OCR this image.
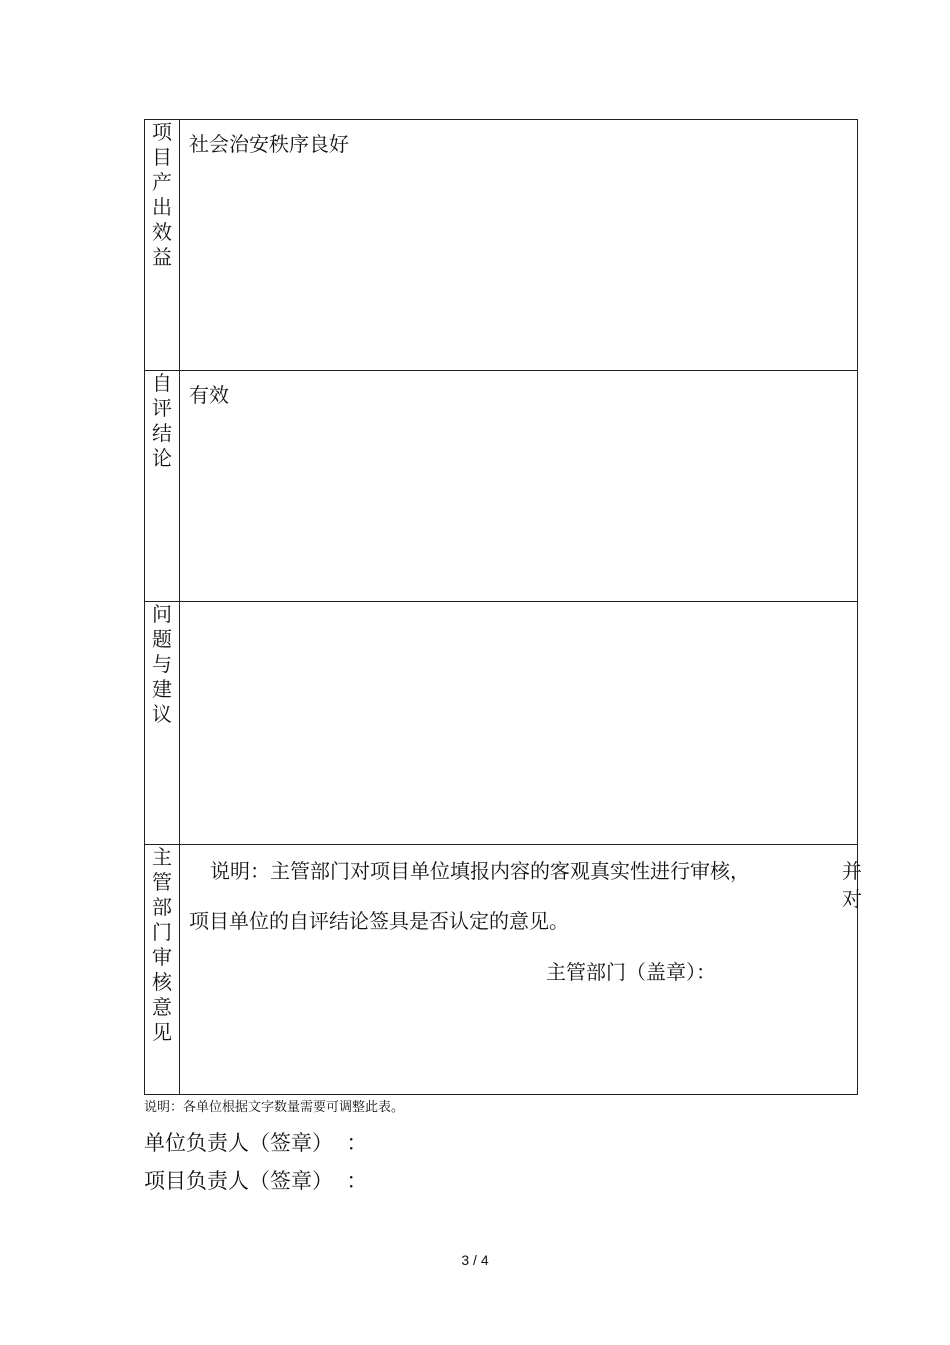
项目产出效益	社会治安秩序良好

自评结论	有效

问题与建议	

主管部门审核意见	说明：主管部门对项目单位填报内容的客观真实性进行审核， 并对
项目单位的自评结论签具是否认定的意见。
主管部门（盖章）：
说明：各单位根据文字数量需要可调整此表。
单位负责人（签章）  ：
项目负责人（签章）  ：
3 / 4
